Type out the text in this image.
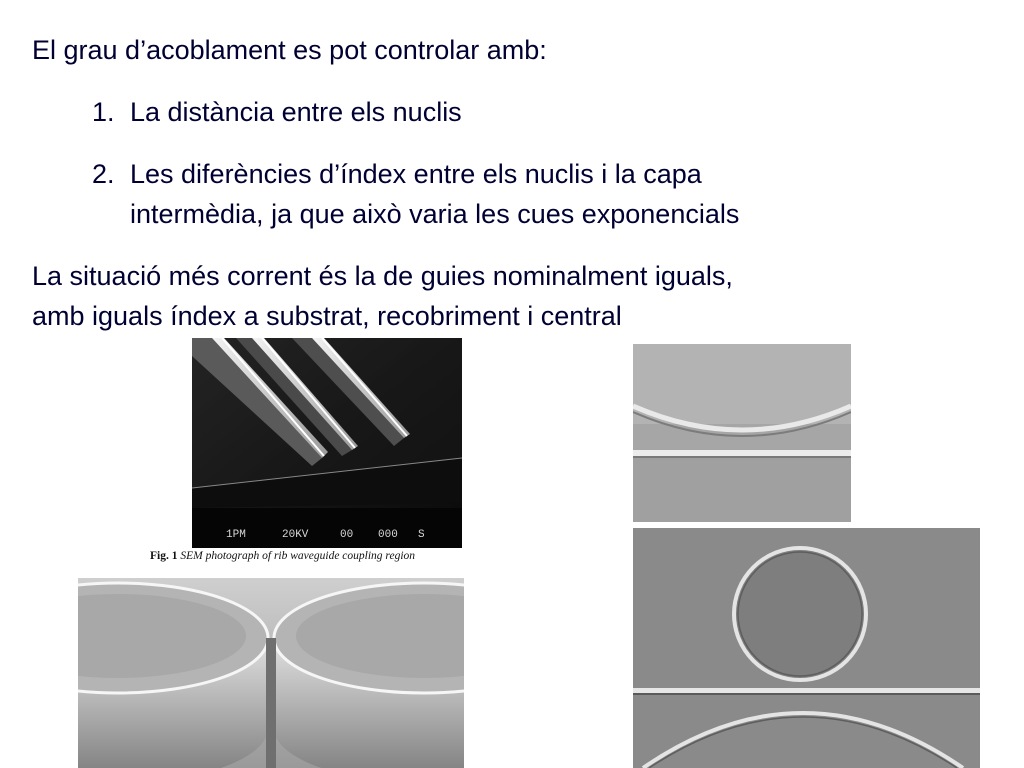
El grau d’acoblament es pot controlar amb:
1. La distància entre els nuclis
2. Les diferències d’índex entre els nuclis i la capa
intermèdia, ja que això varia les cues exponencials
La situació més corrent és la de guies nominalment iguals,
amb iguals índex a substrat, recobriment i central
1PM	20KV	00 000 S
Fig. 1 SEM photograph of rib waveguide coupling region
